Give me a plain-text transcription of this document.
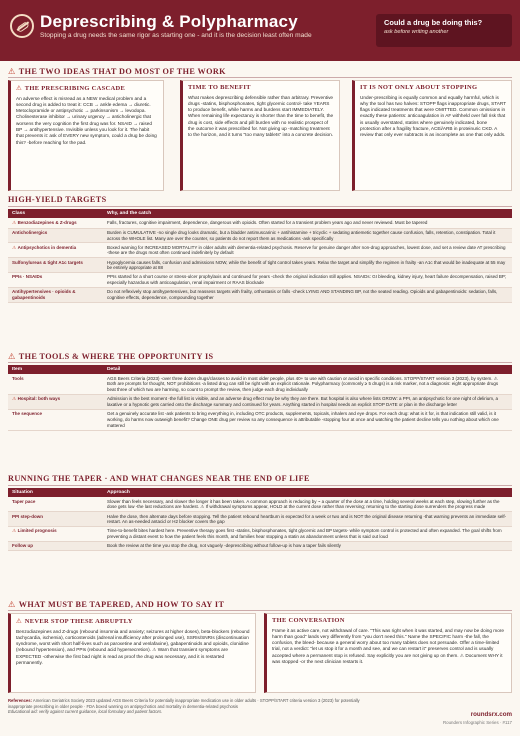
Deprescribing & Polypharmacy
Stopping a drug needs the same rigor as starting one - and it is the decision least often made
Could a drug be doing this?
ask before writing another
⚠ THE TWO IDEAS THAT DO MOST OF THE WORK
⚠ THE PRESCRIBING CASCADE
An adverse effect is misread as a NEW medical problem and a second drug is added to treat it: CCB → ankle edema → diuretic. Metoclopramide or antipsychotic → parkinsonism → levodopa. Cholinesterase inhibitor → urinary urgency → anticholinergic that worsens the very cognition the first drug was for. NSAID → raised BP → antihypertensive. Invisible unless you look for it. The habit that prevents it: ask of EVERY new symptom, could a drug be doing this? -before reaching for the pad.
TIME TO BENEFIT
What makes deprescribing defensible rather than arbitrary. Preventive drugs -statins, bisphosphonates, tight glycemic control- take YEARS to produce benefit, while harms and burdens start IMMEDIATELY. When remaining life expectancy is shorter than the time to benefit, the drug is cost, side effects and pill burden with no realistic prospect of the outcome it was prescribed for. Not giving up -matching treatment to the horizon, and it turns "too many tablets" into a concrete decision.
IT IS NOT ONLY ABOUT STOPPING
Under-prescribing is equally common and equally harmful, which is why the tool has two halves: STOPP flags inappropriate drugs, START flags indicated treatments that were OMITTED. Common omissions in exactly these patients: anticoagulation in AF withheld over fall risk that is usually overstated, statins where genuinely indicated, bone protection after a fragility fracture, ACEi/ARB in proteinuric CKD. A review that only ever subtracts is as incomplete as one that only adds.
HIGH-YIELD TARGETS
Class	Why, and the catch
⚠ Benzodiazepines & Z-drugs	Falls, fractures, cognitive impairment, dependence, dangerous with opioids. Often started for a transient problem years ago and never reviewed. Must be tapered
Anticholinergics	Burden is CUMULATIVE -no single drug looks dramatic, but a bladder antimuscarinic + antihistamine + tricyclic + sedating antiemetic together cause confusion, falls, retention, constipation. Total it across the WHOLE list. Many are over the counter, so patients do not report them as medications -ask specifically
⚠ Antipsychotics in dementia	Boxed warning for INCREASED MORTALITY in older adults with dementia-related psychosis. Reserve for genuine danger after non-drug approaches, lowest dose, and set a review date AT prescribing -these are the drugs most often continued indefinitely by default
Sulfonylureas & tight A1c targets	Hypoglycemia causes falls, confusion and admissions NOW, while the benefit of tight control takes years. Relax the target and simplify the regimen in frailty -an A1c that would be inadequate at 55 may be entirely appropriate at 88
PPIs · NSAIDs	PPIs started for a short course or stress-ulcer prophylaxis and continued for years -check the original indication still applies. NSAIDs: GI bleeding, kidney injury, heart failure decompensation, raised BP; especially hazardous with anticoagulation, renal impairment or RAAS blockade
Antihypertensives · opioids & gabapentinoids	Do not reflexively stop antihypertensives, but reassess targets with frailty, orthostasis or falls -check LYING AND STANDING BP, not the seated reading. Opioids and gabapentinoids: sedation, falls, cognitive effects, dependence, compounding together
⚠ THE TOOLS & WHERE THE OPPORTUNITY IS
Item	Detail
Tools	AGS Beers Criteria (2023) -over three dozen drugs/classes to avoid in most older people, plus 40+ to use with caution or avoid in specific conditions. STOPP/START version 3 (2023), by system. ⚠ Both are prompts for thought, NOT prohibitions -a listed drug can still be right with an explicit rationale. Polypharmacy (commonly ≥ 5 drugs) is a risk marker, not a diagnosis: eight appropriate drugs beat three of which two are harming, so count to prompt the review, then judge each drug individually
⚠ Hospital: both ways	Admission is the best moment -the full list is visible, and an adverse drug effect may be why they are there. But hospital is also where lists GROW: a PPI, an antipsychotic for one night of delirium, a laxative or a hypnotic gets carried onto the discharge summary and continued for years. Anything started in hospital needs an explicit STOP DATE or plan in the discharge letter
The sequence	Get a genuinely accurate list -ask patients to bring everything in, including OTC products, supplements, topicals, inhalers and eye drops. For each drug: what is it for, is that indication still valid, is it working, do harms now outweigh benefit? Change ONE drug per review so any consequence is attributable -stopping four at once and watching the patient decline tells you nothing about which one mattered
RUNNING THE TAPER · AND WHAT CHANGES NEAR THE END OF LIFE
Situation	Approach
Taper pace	Slower than feels necessary, and slower the longer it has been taken. A common approach is reducing by ~ a quarter of the dose at a time, holding several weeks at each step, slowing further as the dose gets low -the last reductions are hardest. ⚠ If withdrawal symptoms appear, HOLD at the current dose rather than reversing; returning to the starting dose surrenders the progress made
PPI step-down	Halve the dose, then alternate days before stopping. Tell the patient rebound heartburn is expected for a week or two and is NOT the original disease returning -that warning prevents an immediate self-restart. An as-needed antacid or H2 blocker covers the gap
⚠ Limited prognosis	Time-to-benefit bites hardest here. Preventive therapy goes first -statins, bisphosphonates, tight glycemic and BP targets- while symptom control is protected and often expanded. The goal shifts from preventing a distant event to how the patient feels this month, and families hear stopping a statin as abandonment unless that is said out loud
Follow up	Book the review at the time you stop the drug, not vaguely -deprescribing without follow-up is how a taper fails silently
⚠ WHAT MUST BE TAPERED, AND HOW TO SAY IT
⚠ NEVER STOP THESE ABRUPTLY
Benzodiazepines and Z-drugs (rebound insomnia and anxiety; seizures at higher doses), beta-blockers (rebound tachycardia, ischemia), corticosteroids (adrenal insufficiency after prolonged use), SSRIs/SNRIs (discontinuation syndrome, worst with short half-lives such as paroxetine and venlafaxine), gabapentinoids and opioids, clonidine (rebound hypertension), and PPIs (rebound acid hypersecretion). ⚠ Warn that transient symptoms are EXPECTED -otherwise the first bad night is read as proof the drug was necessary, and it is restarted permanently.
THE CONVERSATION
Frame it as active care, not withdrawal of care. "This was right when it was started, and may now be doing more harm than good" lands very differently from "you don't need this." Name the SPECIFIC harm -the fall, the confusion, the bleed- because a general worry about too many tablets does not persuade. Offer a time-limited trial, not a verdict: "let us stop it for a month and see, and we can restart it" preserves control and is usually accepted where a permanent stop is refused. Say explicitly you are not giving up on them. ⚠ Document WHY it was stopped -or the next clinician restarts it.
References: American Geriatrics Society 2023 updated AGS Beers Criteria for potentially inappropriate medication use in older adults · STOPP/START criteria version 3 (2023) for potentially inappropriate prescribing in older people · FDA boxed warning on antipsychotics and mortality in dementia-related psychosis
Educational aid: verify against current guidance, local formulary and patient factors.	roundsrx.com
Rounders Infographic Series · #117
